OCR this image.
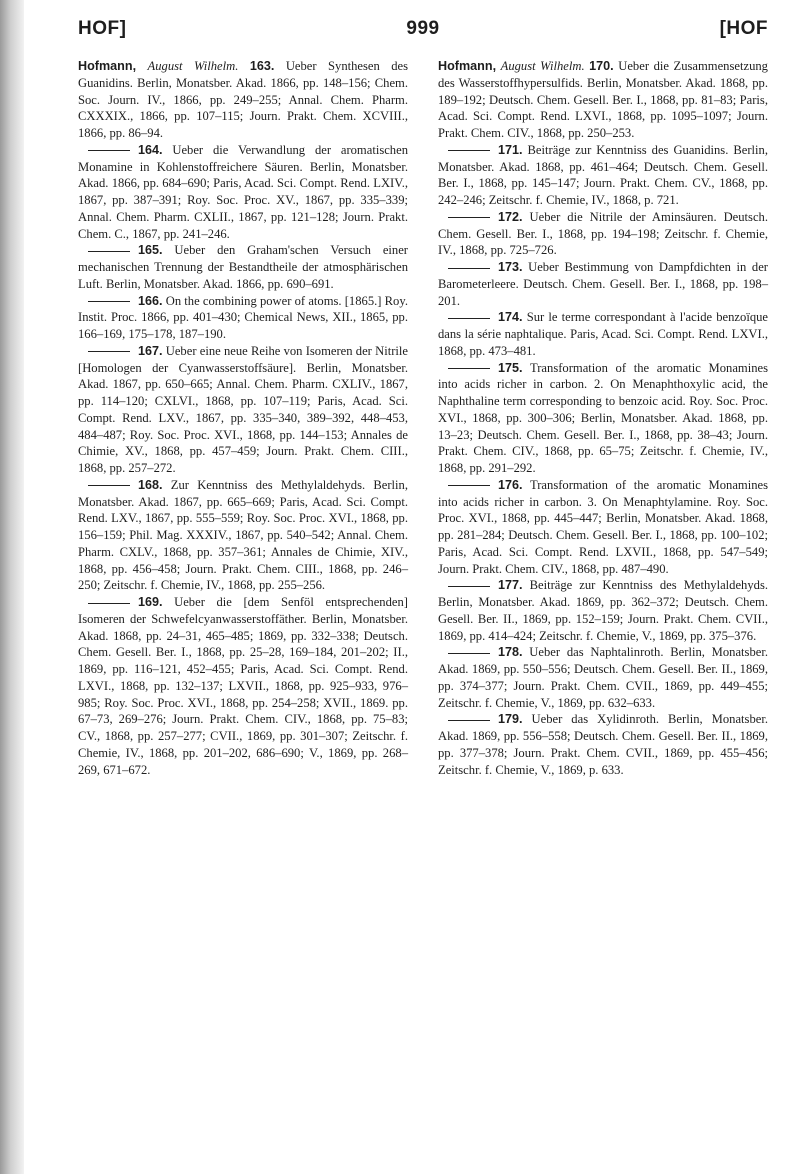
HOF]	999	[HOF

Hofmann, August Wilhelm. 163. Ueber Synthesen des Guanidins. Berlin, Monatsber. Akad. 1866, pp. 148–156; Chem. Soc. Journ. IV., 1866, pp. 249–255; Annal. Chem. Pharm. CXXXIX., 1866, pp. 107–115; Journ. Prakt. Chem. XCVIII., 1866, pp. 86–94.

164. Ueber die Verwandlung der aromatischen Monamine in Kohlenstoffreichere Säuren. Berlin, Monatsber. Akad. 1866, pp. 684–690; Paris, Acad. Sci. Compt. Rend. LXIV., 1867, pp. 387–391; Roy. Soc. Proc. XV., 1867, pp. 335–339; Annal. Chem. Pharm. CXLII., 1867, pp. 121–128; Journ. Prakt. Chem. C., 1867, pp. 241–246.

165. Ueber den Graham'schen Versuch einer mechanischen Trennung der Bestandtheile der atmosphärischen Luft. Berlin, Monatsber. Akad. 1866, pp. 690–691.

166. On the combining power of atoms. [1865.] Roy. Instit. Proc. 1866, pp. 401–430; Chemical News, XII., 1865, pp. 166–169, 175–178, 187–190.

167. Ueber eine neue Reihe von Isomeren der Nitrile [Homologen der Cyanwasserstoffsäure]. Berlin, Monatsber. Akad. 1867, pp. 650–665; Annal. Chem. Pharm. CXLIV., 1867, pp. 114–120; CXLVI., 1868, pp. 107–119; Paris, Acad. Sci. Compt. Rend. LXV., 1867, pp. 335–340, 389–392, 448–453, 484–487; Roy. Soc. Proc. XVI., 1868, pp. 144–153; Annales de Chimie, XV., 1868, pp. 457–459; Journ. Prakt. Chem. CIII., 1868, pp. 257–272.

168. Zur Kenntniss des Methylaldehyds. Berlin, Monatsber. Akad. 1867, pp. 665–669; Paris, Acad. Sci. Compt. Rend. LXV., 1867, pp. 555–559; Roy. Soc. Proc. XVI., 1868, pp. 156–159; Phil. Mag. XXXIV., 1867, pp. 540–542; Annal. Chem. Pharm. CXLV., 1868, pp. 357–361; Annales de Chimie, XIV., 1868, pp. 456–458; Journ. Prakt. Chem. CIII., 1868, pp. 246–250; Zeitschr. f. Chemie, IV., 1868, pp. 255–256.

169. Ueber die [dem Senföl entsprechenden] Isomeren der Schwefelcyanwasserstoffäther. Berlin, Monatsber. Akad. 1868, pp. 24–31, 465–485; 1869, pp. 332–338; Deutsch. Chem. Gesell. Ber. I., 1868, pp. 25–28, 169–184, 201–202; II., 1869, pp. 116–121, 452–455; Paris, Acad. Sci. Compt. Rend. LXVI., 1868, pp. 132–137; LXVII., 1868, pp. 925–933, 976–985; Roy. Soc. Proc. XVI., 1868, pp. 254–258; XVII., 1869. pp. 67–73, 269–276; Journ. Prakt. Chem. CIV., 1868, pp. 75–83; CV., 1868, pp. 257–277; CVII., 1869, pp. 301–307; Zeitschr. f. Chemie, IV., 1868, pp. 201–202, 686–690; V., 1869, pp. 268–269, 671–672.

Hofmann, August Wilhelm. 170. Ueber die Zusammensetzung des Wasserstoffhypersulfids. Berlin, Monatsber. Akad. 1868, pp. 189–192; Deutsch. Chem. Gesell. Ber. I., 1868, pp. 81–83; Paris, Acad. Sci. Compt. Rend. LXVI., 1868, pp. 1095–1097; Journ. Prakt. Chem. CIV., 1868, pp. 250–253.

171. Beiträge zur Kenntniss des Guanidins. Berlin, Monatsber. Akad. 1868, pp. 461–464; Deutsch. Chem. Gesell. Ber. I., 1868, pp. 145–147; Journ. Prakt. Chem. CV., 1868, pp. 242–246; Zeitschr. f. Chemie, IV., 1868, p. 721.

172. Ueber die Nitrile der Aminsäuren. Deutsch. Chem. Gesell. Ber. I., 1868, pp. 194–198; Zeitschr. f. Chemie, IV., 1868, pp. 725–726.

173. Ueber Bestimmung von Dampfdichten in der Barometerleere. Deutsch. Chem. Gesell. Ber. I., 1868, pp. 198–201.

174. Sur le terme correspondant à l'acide benzoïque dans la série naphtalique. Paris, Acad. Sci. Compt. Rend. LXVI., 1868, pp. 473–481.

175. Transformation of the aromatic Monamines into acids richer in carbon. 2. On Menaphthoxylic acid, the Naphthaline term corresponding to benzoic acid. Roy. Soc. Proc. XVI., 1868, pp. 300–306; Berlin, Monatsber. Akad. 1868, pp. 13–23; Deutsch. Chem. Gesell. Ber. I., 1868, pp. 38–43; Journ. Prakt. Chem. CIV., 1868, pp. 65–75; Zeitschr. f. Chemie, IV., 1868, pp. 291–292.

176. Transformation of the aromatic Monamines into acids richer in carbon. 3. On Menaphtylamine. Roy. Soc. Proc. XVI., 1868, pp. 445–447; Berlin, Monatsber. Akad. 1868, pp. 281–284; Deutsch. Chem. Gesell. Ber. I., 1868, pp. 100–102; Paris, Acad. Sci. Compt. Rend. LXVII., 1868, pp. 547–549; Journ. Prakt. Chem. CIV., 1868, pp. 487–490.

177. Beiträge zur Kenntniss des Methylaldehyds. Berlin, Monatsber. Akad. 1869, pp. 362–372; Deutsch. Chem. Gesell. Ber. II., 1869, pp. 152–159; Journ. Prakt. Chem. CVII., 1869, pp. 414–424; Zeitschr. f. Chemie, V., 1869, pp. 375–376.

178. Ueber das Naphtalinroth. Berlin, Monatsber. Akad. 1869, pp. 550–556; Deutsch. Chem. Gesell. Ber. II., 1869, pp. 374–377; Journ. Prakt. Chem. CVII., 1869, pp. 449–455; Zeitschr. f. Chemie, V., 1869, pp. 632–633.

179. Ueber das Xylidinroth. Berlin, Monatsber. Akad. 1869, pp. 556–558; Deutsch. Chem. Gesell. Ber. II., 1869, pp. 377–378; Journ. Prakt. Chem. CVII., 1869, pp. 455–456; Zeitschr. f. Chemie, V., 1869, p. 633.
